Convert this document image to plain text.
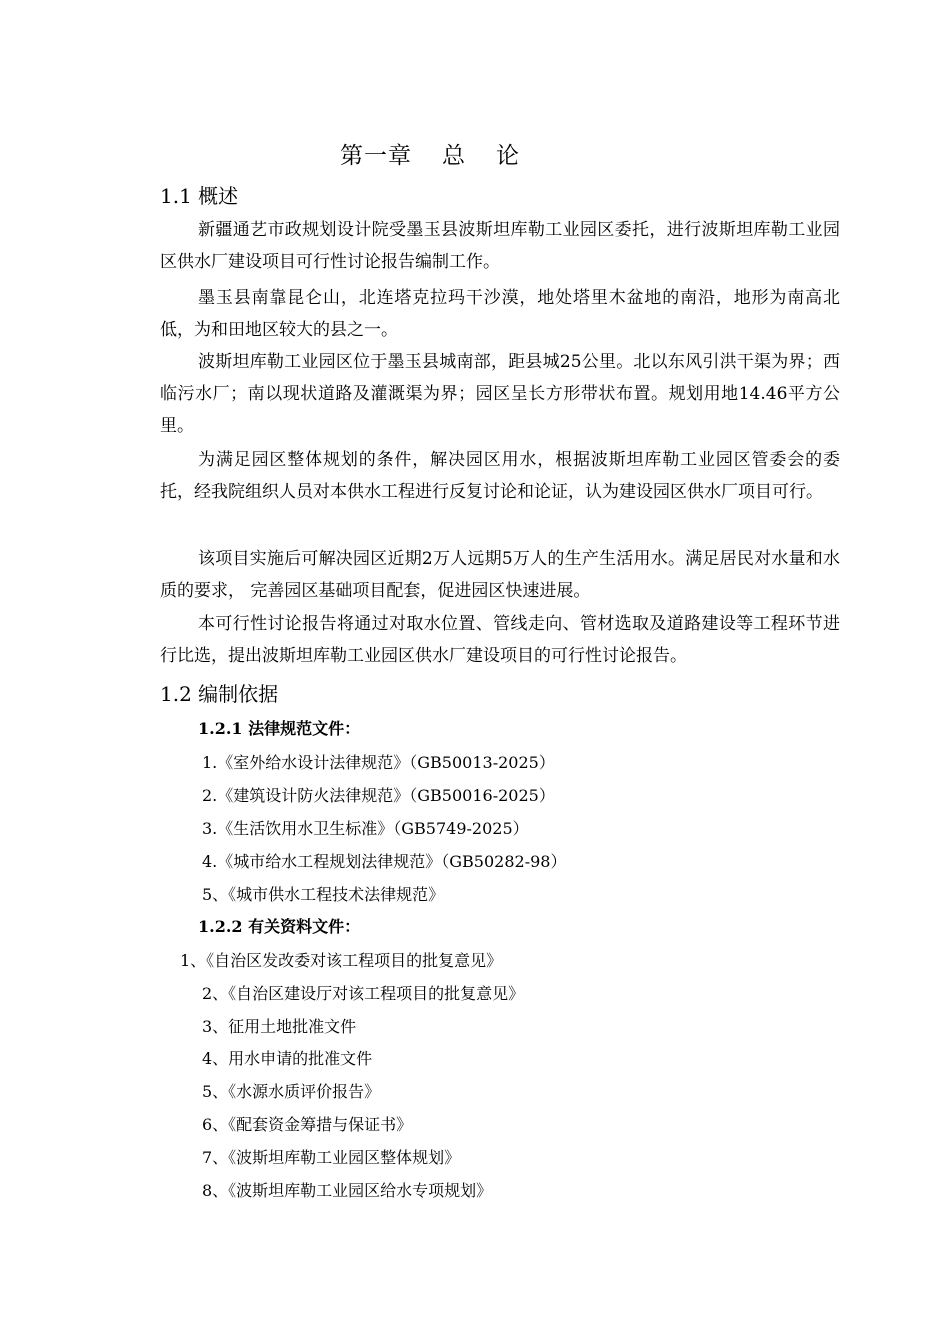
第一章 总 论
1.1 概述

新疆通艺市政规划设计院受墨玉县波斯坦库勒工业园区委托，进行波斯坦库勒工业园区供水厂建设项目可行性讨论报告编制工作。

墨玉县南靠昆仑山，北连塔克拉玛干沙漠，地处塔里木盆地的南沿，地形为南高北低，为和田地区较大的县之一。

波斯坦库勒工业园区位于墨玉县城南部，距县城25公里。北以东风引洪干渠为界；西临污水厂；南以现状道路及灌溉渠为界；园区呈长方形带状布置。规划用地14.46平方公里。

为满足园区整体规划的条件，解决园区用水，根据波斯坦库勒工业园区管委会的委托，经我院组织人员对本供水工程进行反复讨论和论证，认为建设园区供水厂项目可行。

该项目实施后可解决园区近期2万人远期5万人的生产生活用水。满足居民对水量和水质的要求， 完善园区基础项目配套，促进园区快速进展。

本可行性讨论报告将通过对取水位置、管线走向、管材选取及道路建设等工程环节进行比选，提出波斯坦库勒工业园区供水厂建设项目的可行性讨论报告。

1.2 编制依据
1.2.1 法律规范文件：
1.《室外给水设计法律规范》（GB50013-2025）
2.《建筑设计防火法律规范》（GB50016-2025）
3.《生活饮用水卫生标准》（GB5749-2025）
4.《城市给水工程规划法律规范》（GB50282-98）
5、《城市供水工程技术法律规范》
1.2.2 有关资料文件：
1、《自治区发改委对该工程项目的批复意见》
2、《自治区建设厅对该工程项目的批复意见》
3、征用土地批准文件
4、用水申请的批准文件
5、《水源水质评价报告》
6、《配套资金筹措与保证书》
7、《波斯坦库勒工业园区整体规划》
8、《波斯坦库勒工业园区给水专项规划》
